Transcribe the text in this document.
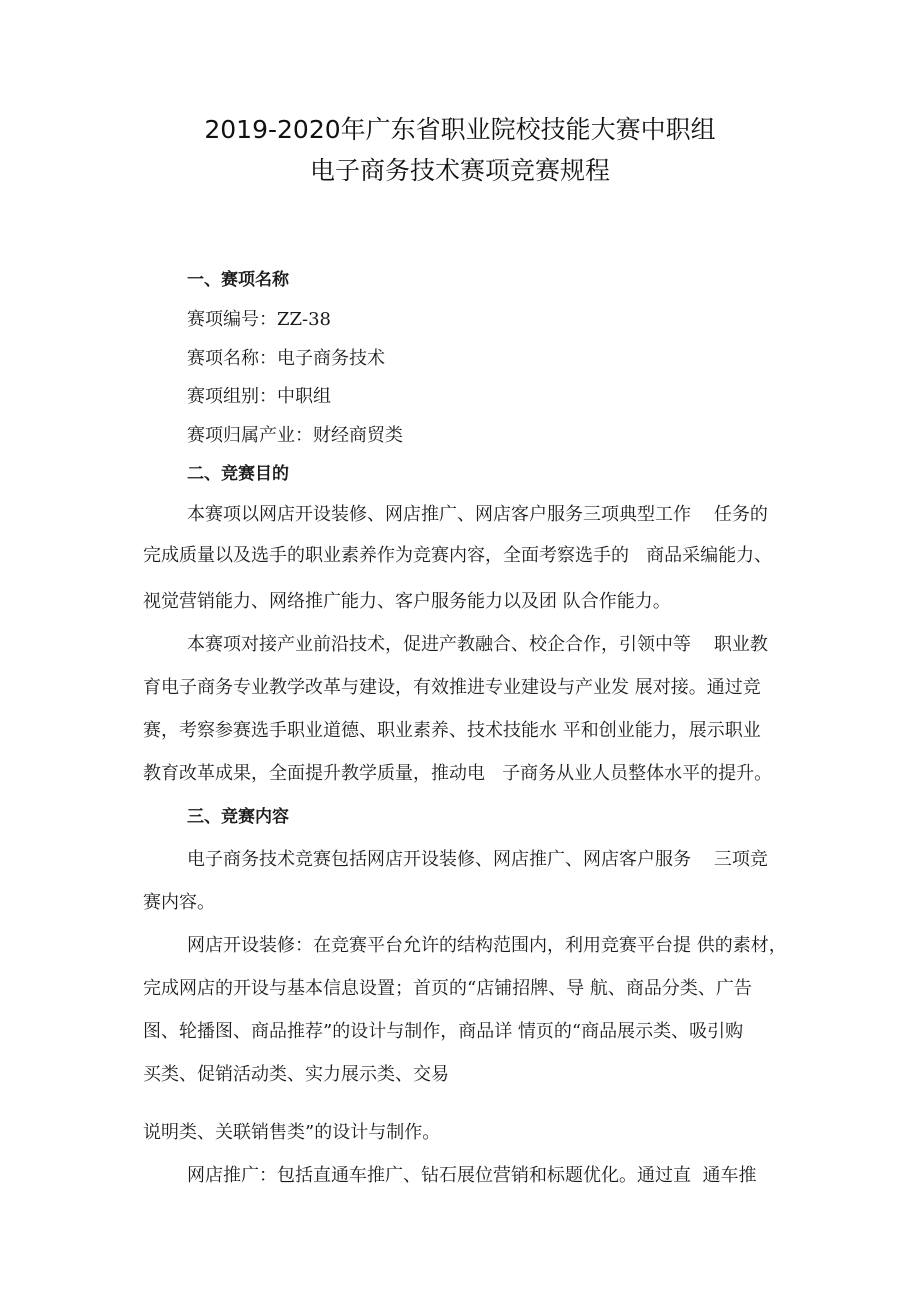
2019-2020年广东省职业院校技能大赛中职组
电子商务技术赛项竞赛规程
一、赛项名称
赛项编号：ZZ-38
赛项名称：电子商务技术
赛项组别：中职组
赛项归属产业：财经商贸类
二、竞赛目的
本赛项以网店开设装修、网店推广、网店客户服务三项典型工作    任务的
完成质量以及选手的职业素养作为竞赛内容，全面考察选手的   商品采编能力、
视觉营销能力、网络推广能力、客户服务能力以及团 队合作能力。
本赛项对接产业前沿技术，促进产教融合、校企合作，引领中等    职业教
育电子商务专业教学改革与建设，有效推进专业建设与产业发 展对接。通过竞
赛，考察参赛选手职业道德、职业素养、技术技能水 平和创业能力，展示职业
教育改革成果，全面提升教学质量，推动电   子商务从业人员整体水平的提升。
三、竞赛内容
电子商务技术竞赛包括网店开设装修、网店推广、网店客户服务    三项竞
赛内容。
网店开设装修：在竞赛平台允许的结构范围内，利用竞赛平台提 供的素材，
完成网店的开设与基本信息设置；首页的“店铺招牌、导 航、商品分类、广告
图、轮播图、商品推荐”的设计与制作，商品详 情页的“商品展示类、吸引购
买类、促销活动类、实力展示类、交易
说明类、关联销售类”的设计与制作。
网店推广：包括直通车推广、钻石展位营销和标题优化。通过直  通车推
